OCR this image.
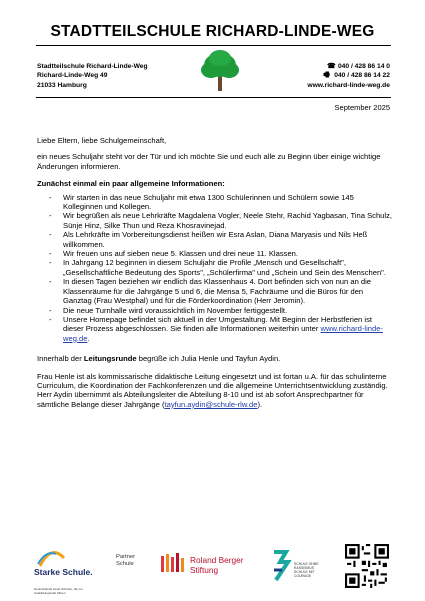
STADTTEILSCHULE RICHARD-LINDE-WEG
Stadtteilschule Richard-Linde-Weg
Richard-Linde-Weg 49
21033 Hamburg
☎ 040 / 428 86 14 0
🖷 040 / 428 86 14 22
www.richard-linde-weg.de
September 2025

Liebe Eltern, liebe Schulgemeinschaft,

ein neues Schuljahr steht vor der Tür und ich möchte Sie und euch alle zu Beginn über einige wichtige Änderungen informieren.

Zunächst einmal ein paar allgemeine Informationen:

- Wir starten in das neue Schuljahr mit etwa 1300 Schülerinnen und Schülern sowie 145 Kolleginnen und Kollegen.
- Wir begrüßen als neue Lehrkräfte Magdalena Vogler, Neele Stehr, Rachid Yagbasan, Tina Schulz, Sünje Hinz, Silke Thun und Reza Khosravinejad.
- Als Lehrkräfte im Vorbereitungsdienst heißen wir Esra Aslan, Diana Maryasis und Nils Heß willkommen.
- Wir freuen uns auf sieben neue 5. Klassen und drei neue 11. Klassen.
- In Jahrgang 12 beginnen in diesem Schuljahr die Profile „Mensch und Gesellschaft", „Gesellschaftliche Bedeutung des Sports", „Schülerfirma" und „Schein und Sein des Menschen".
- In diesen Tagen beziehen wir endlich das Klassenhaus 4. Dort befinden sich von nun an die Klassenräume für die Jahrgänge 5 und 6, die Mensa 5, Fachräume und die Büros für den Ganztag (Frau Westphal) und für die Förderkoordination (Herr Jeromin).
- Die neue Turnhalle wird voraussichtlich im November fertiggestellt.
- Unsere Homepage befindet sich aktuell in der Umgestaltung. Mit Beginn der Herbstferien ist dieser Prozess abgeschlossen. Sie finden alle Informationen weiterhin unter www.richard-linde-weg.de.

Innerhalb der Leitungsrunde begrüße ich Julia Henle und Tayfun Aydin.

Frau Henle ist als kommissarische didaktische Leitung eingesetzt und ist fortan u.A. für das schulinterne Curriculum, die Koordination der Fachkonferenzen und die allgemeine Unterrichtsentwicklung zuständig.

Herr Aydin übernimmt als Abteilungsleiter die Abteilung 8-10 und ist ab sofort Ansprechpartner für sämtliche Belange dieser Jahrgänge (tayfun.aydin@schule-rlw.de).

Starke Schule.
Deutschlands beste Schulen, die zur Ausbildungsreife führen
Partner
Schule	Roland Berger
Stiftung
SCHULE OHNE
RASSISMUS
SCHULE MIT
COURAGE
